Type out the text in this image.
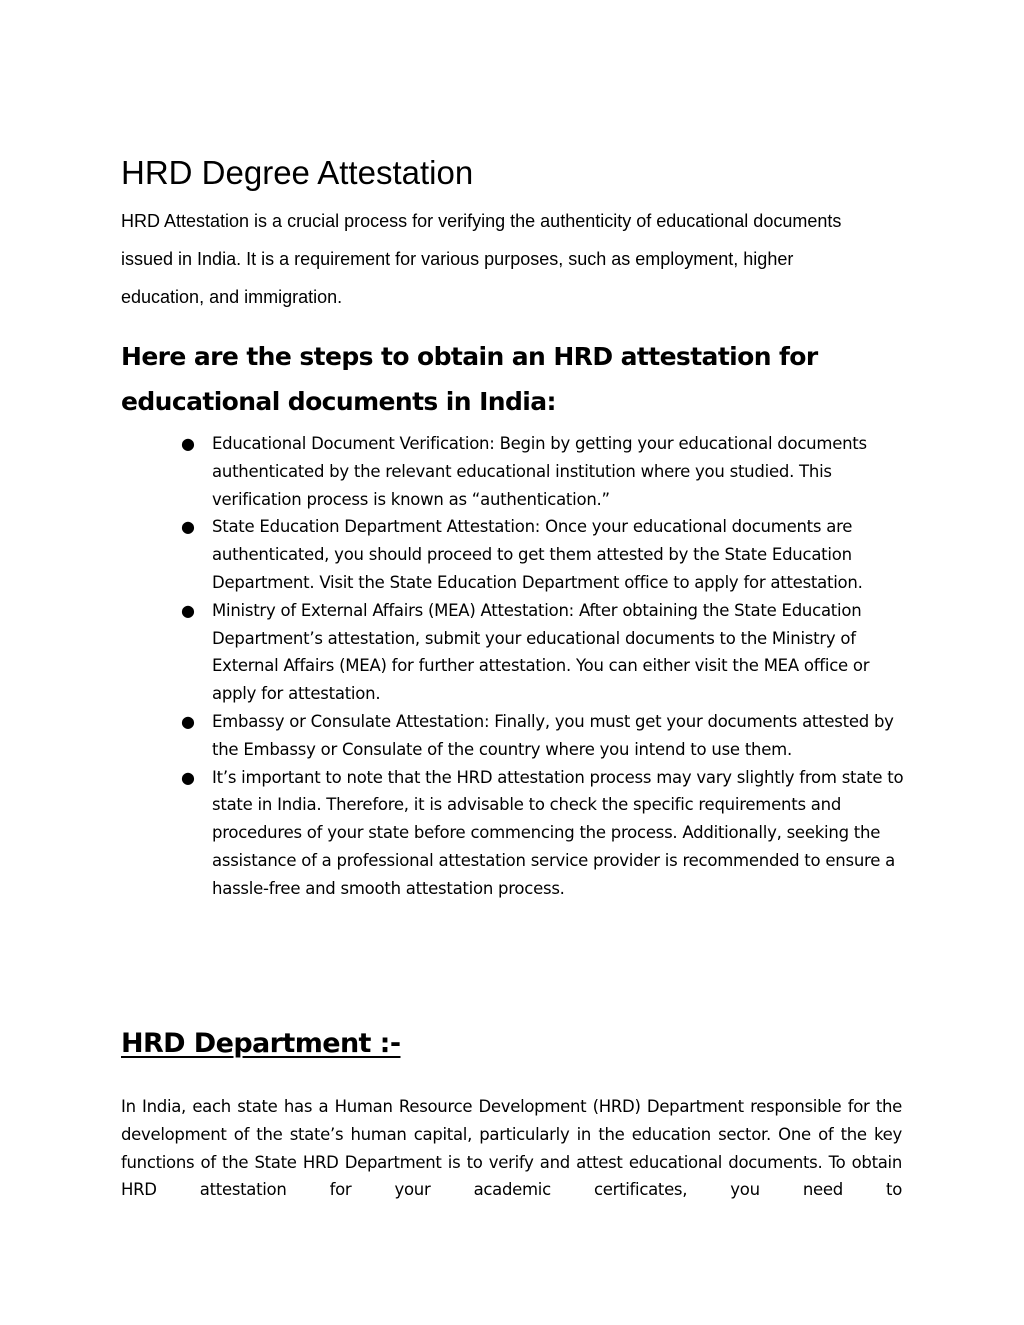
HRD Degree Attestation

HRD Attestation is a crucial process for verifying the authenticity of educational documents issued in India. It is a requirement for various purposes, such as employment, higher education, and immigration.

Here are the steps to obtain an HRD attestation for educational documents in India:
● Educational Document Verification: Begin by getting your educational documents authenticated by the relevant educational institution where you studied. This verification process is known as “authentication.”
● State Education Department Attestation: Once your educational documents are authenticated, you should proceed to get them attested by the State Education Department. Visit the State Education Department office to apply for attestation.
● Ministry of External Affairs (MEA) Attestation: After obtaining the State Education Department’s attestation, submit your educational documents to the Ministry of External Affairs (MEA) for further attestation. You can either visit the MEA office or apply for attestation.
● Embassy or Consulate Attestation: Finally, you must get your documents attested by the Embassy or Consulate of the country where you intend to use them.
● It’s important to note that the HRD attestation process may vary slightly from state to state in India. Therefore, it is advisable to check the specific requirements and procedures of your state before commencing the process. Additionally, seeking the assistance of a professional attestation service provider is recommended to ensure a hassle-free and smooth attestation process.
HRD Department :-

In India, each state has a Human Resource Development (HRD) Department responsible for the development of the state’s human capital, particularly in the education sector. One of the key functions of the State HRD Department is to verify and attest educational documents. To obtain HRD attestation for your academic certificates, you need to
